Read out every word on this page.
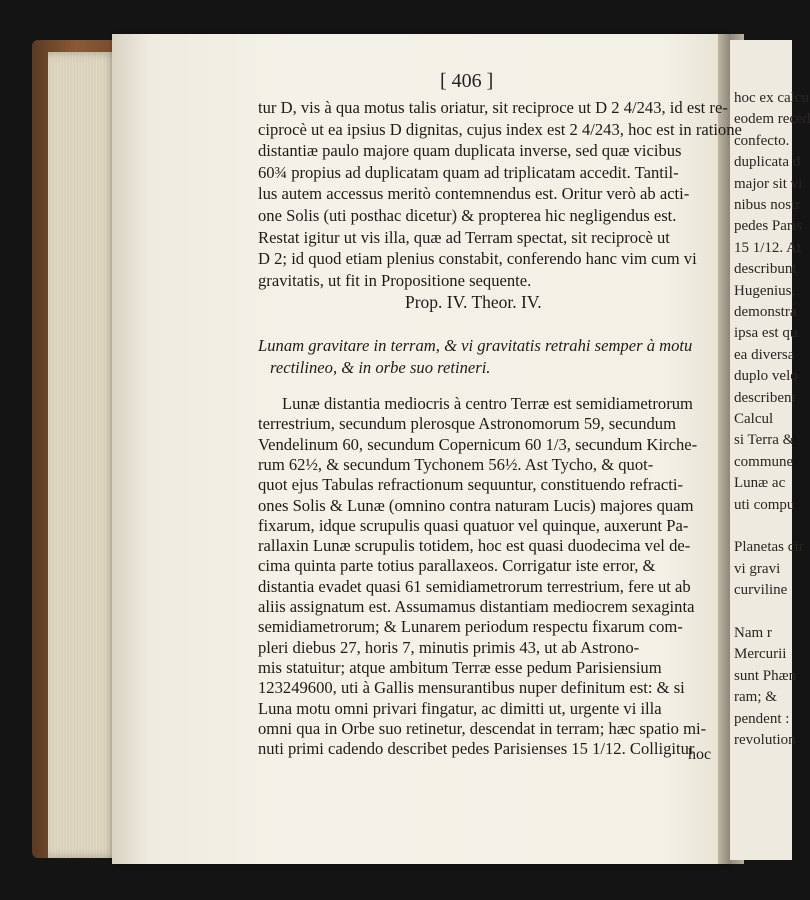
hoc ex calcu
eodem reced
confecto.
duplicata d
major sit vi
nibus nostr
pedes Paris
15 1/12. At
describunt
Hugenius,
demonstra
ipsa est qu
ea diversa
duplo velo
describent
Calcul
si Terra &
commune
Lunæ ac
uti compu
Planetas cir
vi gravi
curviline
Nam r
Mercurii
sunt Phæn
ram; &
pendent :
revolution
[ 406 ]
tur D, vis à qua motus talis oriatur, sit reciproce ut D 2 4/243, id est re-
ciprocè ut ea ipsius D dignitas, cujus index est 2 4/243, hoc est in ratione
distantiæ paulo majore quam duplicata inverse, sed quæ vicibus
60¾ propius ad duplicatam quam ad triplicatam accedit. Tantil-
lus autem accessus meritò contemnendus est. Oritur verò ab acti-
one Solis (uti posthac dicetur) & propterea hic negligendus est.
Restat igitur ut vis illa, quæ ad Terram spectat, sit reciprocè ut
D 2; id quod etiam plenius constabit, conferendo hanc vim cum vi
gravitatis, ut fit in Propositione sequente.
Prop. IV. Theor. IV.
Lunam gravitare in terram, & vi gravitatis retrahi semper à motu
rectilineo, & in orbe suo retineri.
Lunæ distantia mediocris à centro Terræ est semidiametrorum
terrestrium, secundum plerosque Astronomorum 59, secundum
Vendelinum 60, secundum Copernicum 60 1/3, secundum Kirche-
rum 62½, & secundum Tychonem 56½. Ast Tycho, & quot-
quot ejus Tabulas refractionum sequuntur, constituendo refracti-
ones Solis & Lunæ (omnino contra naturam Lucis) majores quam
fixarum, idque scrupulis quasi quatuor vel quinque, auxerunt Pa-
rallaxin Lunæ scrupulis totidem, hoc est quasi duodecima vel de-
cima quinta parte totius parallaxeos. Corrigatur iste error, &
distantia evadet quasi 61 semidiametrorum terrestrium, fere ut ab
aliis assignatum est. Assumamus distantiam mediocrem sexaginta
semidiametrorum; & Lunarem periodum respectu fixarum com-
pleri diebus 27, horis 7, minutis primis 43, ut ab Astrono-
mis statuitur; atque ambitum Terræ esse pedum Parisiensium
123249600, uti à Gallis mensurantibus nuper definitum est: & si
Luna motu omni privari fingatur, ac dimitti ut, urgente vi illa
omni qua in Orbe suo retinetur, descendat in terram; hæc spatio mi-
nuti primi cadendo describet pedes Parisienses 15 1/12. Colligitur
hoc
